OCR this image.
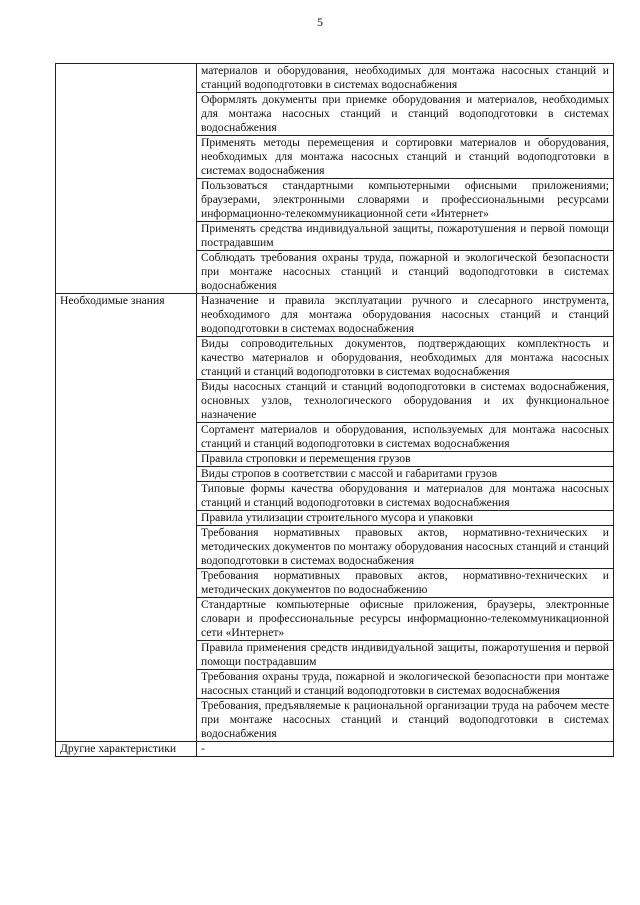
5
	материалов и оборудования, необходимых для монтажа насосных станций и станций водоподготовки в системах водоснабжения
	Оформлять документы при приемке оборудования и материалов, необходимых для монтажа насосных станций и станций водоподготовки в системах водоснабжения
	Применять методы перемещения и сортировки материалов и оборудования, необходимых для монтажа насосных станций и станций водоподготовки в системах водоснабжения
	Пользоваться стандартными компьютерными офисными приложениями; браузерами, электронными словарями и профессиональными ресурсами информационно-телекоммуникационной сети «Интернет»
	Применять средства индивидуальной защиты, пожаротушения и первой помощи пострадавшим
	Соблюдать требования охраны труда, пожарной и экологической безопасности при монтаже насосных станций и станций водоподготовки в системах водоснабжения
Необходимые знания	Назначение и правила эксплуатации ручного и слесарного инструмента, необходимого для монтажа оборудования насосных станций и станций водоподготовки в системах водоснабжения
	Виды сопроводительных документов, подтверждающих комплектность и качество материалов и оборудования, необходимых для монтажа насосных станций и станций водоподготовки в системах водоснабжения
	Виды насосных станций и станций водоподготовки в системах водоснабжения, основных узлов, технологического оборудования и их функциональное назначение
	Сортамент материалов и оборудования, используемых для монтажа насосных станций и станций водоподготовки в системах водоснабжения
	Правила строповки и перемещения грузов
	Виды стропов в соответствии с массой и габаритами грузов
	Типовые формы качества оборудования и материалов для монтажа насосных станций и станций водоподготовки в системах водоснабжения
	Правила утилизации строительного мусора и упаковки
	Требования нормативных правовых актов, нормативно-технических и методических документов по монтажу оборудования насосных станций и станций водоподготовки в системах водоснабжения
	Требования нормативных правовых актов, нормативно-технических и методических документов по водоснабжению
	Стандартные компьютерные офисные приложения, браузеры, электронные словари и профессиональные ресурсы информационно-телекоммуникационной сети «Интернет»
	Правила применения средств индивидуальной защиты, пожаротушения и первой помощи пострадавшим
	Требования охраны труда, пожарной и экологической безопасности при монтаже насосных станций и станций водоподготовки в системах водоснабжения
	Требования, предъявляемые к рациональной организации труда на рабочем месте при монтаже насосных станций и станций водоподготовки в системах водоснабжения
Другие характеристики	-
